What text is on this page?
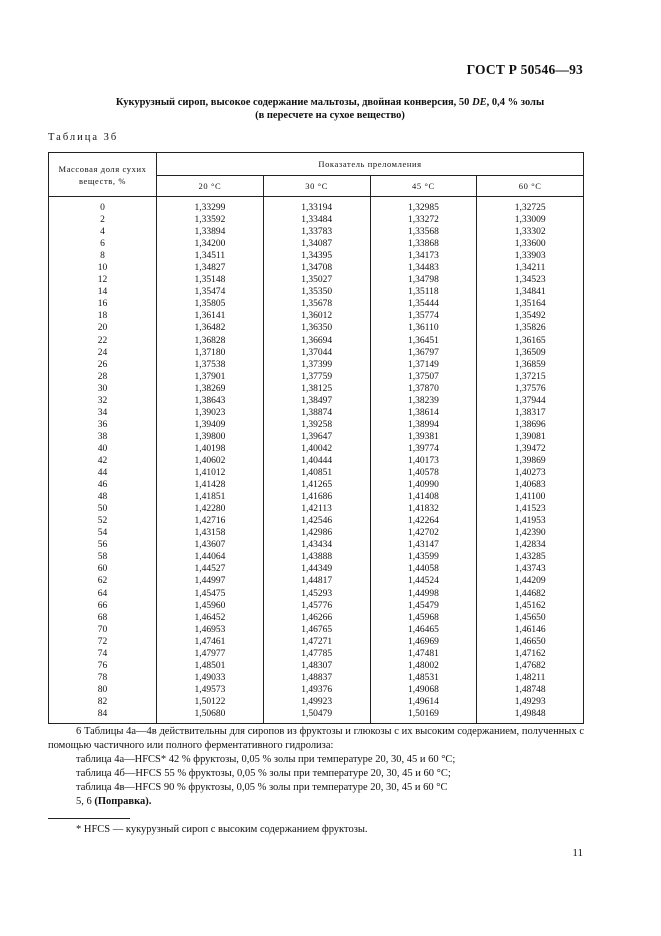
ГОСТ Р 50546—93
Кукурузный сироп, высокое содержание мальтозы, двойная конверсия, 50 DE, 0,4 % золы
(в пересчете на сухое вещество)
Таблица 3б
Массовая доля сухих веществ, %	Показатель преломления			
	20 °С	30 °С	45 °С	60 °С
0	1,33299	1,33194	1,32985	1,32725
2	1,33592	1,33484	1,33272	1,33009
4	1,33894	1,33783	1,33568	1,33302
6	1,34200	1,34087	1,33868	1,33600
8	1,34511	1,34395	1,34173	1,33903
10	1,34827	1,34708	1,34483	1,34211
12	1,35148	1,35027	1,34798	1,34523
14	1,35474	1,35350	1,35118	1,34841
16	1,35805	1,35678	1,35444	1,35164
18	1,36141	1,36012	1,35774	1,35492
20	1,36482	1,36350	1,36110	1,35826
22	1,36828	1,36694	1,36451	1,36165
24	1,37180	1,37044	1,36797	1,36509
26	1,37538	1,37399	1,37149	1,36859
28	1,37901	1,37759	1,37507	1,37215
30	1,38269	1,38125	1,37870	1,37576
32	1,38643	1,38497	1,38239	1,37944
34	1,39023	1,38874	1,38614	1,38317
36	1,39409	1,39258	1,38994	1,38696
38	1,39800	1,39647	1,39381	1,39081
40	1,40198	1,40042	1,39774	1,39472
42	1,40602	1,40444	1,40173	1,39869
44	1,41012	1,40851	1,40578	1,40273
46	1,41428	1,41265	1,40990	1,40683
48	1,41851	1,41686	1,41408	1,41100
50	1,42280	1,42113	1,41832	1,41523
52	1,42716	1,42546	1,42264	1,41953
54	1,43158	1,42986	1,42702	1,42390
56	1,43607	1,43434	1,43147	1,42834
58	1,44064	1,43888	1,43599	1,43285
60	1,44527	1,44349	1,44058	1,43743
62	1,44997	1,44817	1,44524	1,44209
64	1,45475	1,45293	1,44998	1,44682
66	1,45960	1,45776	1,45479	1,45162
68	1,46452	1,46266	1,45968	1,45650
70	1,46953	1,46765	1,46465	1,46146
72	1,47461	1,47271	1,46969	1,46650
74	1,47977	1,47785	1,47481	1,47162
76	1,48501	1,48307	1,48002	1,47682
78	1,49033	1,48837	1,48531	1,48211
80	1,49573	1,49376	1,49068	1,48748
82	1,50122	1,49923	1,49614	1,49293
84	1,50680	1,50479	1,50169	1,49848

6 Таблицы 4а—4в действительны для сиропов из фруктозы и глюкозы с их высоким содержанием, полученных с помощью частичного или полного ферментативного гидролиза:

таблица 4а—HFCS* 42 % фруктозы, 0,05 % золы при температуре 20, 30, 45 и 60 °С;

таблица 4б—HFCS 55 % фруктозы, 0,05 % золы при температуре 20, 30, 45 и 60 °С;

таблица 4в—HFCS 90 % фруктозы, 0,05 % золы при температуре 20, 30, 45 и 60 °С

5, 6 (Поправка).

* HFCS — кукурузный сироп с высоким содержанием фруктозы.
11
